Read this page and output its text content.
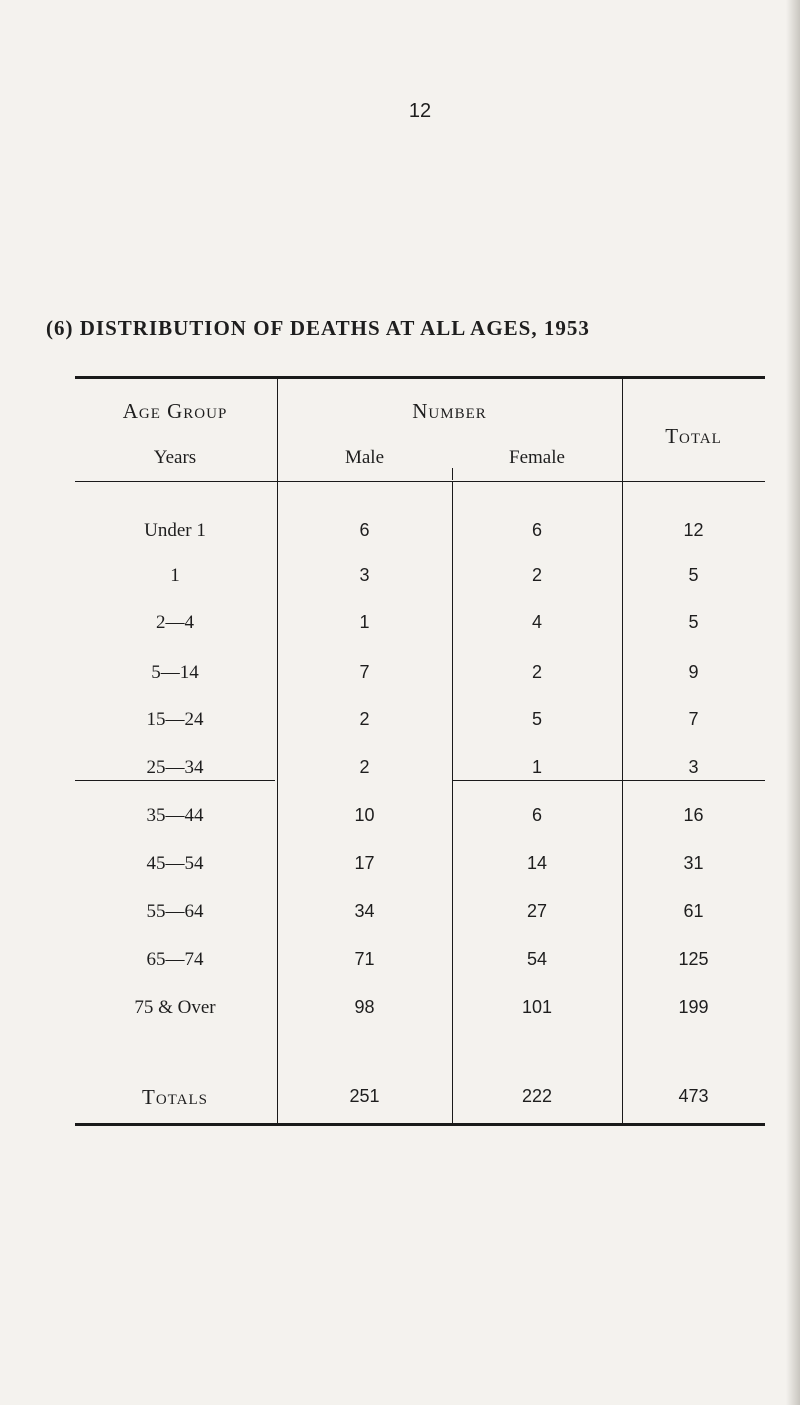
12
(6) DISTRIBUTION OF DEATHS AT ALL AGES, 1953
Age Group
Years
Number
Male	Female
Total
Under 1	6	6	12
1	3	2	5
2—4	1	4	5
5—14	7	2	9
15—24	2	5	7
25—34	2	1	3
35—44	10	6	16
45—54	17	14	31
55—64	34	27	61
65—74	71	54	125
75 & Over	98	101	199
Totals	251	222	473
